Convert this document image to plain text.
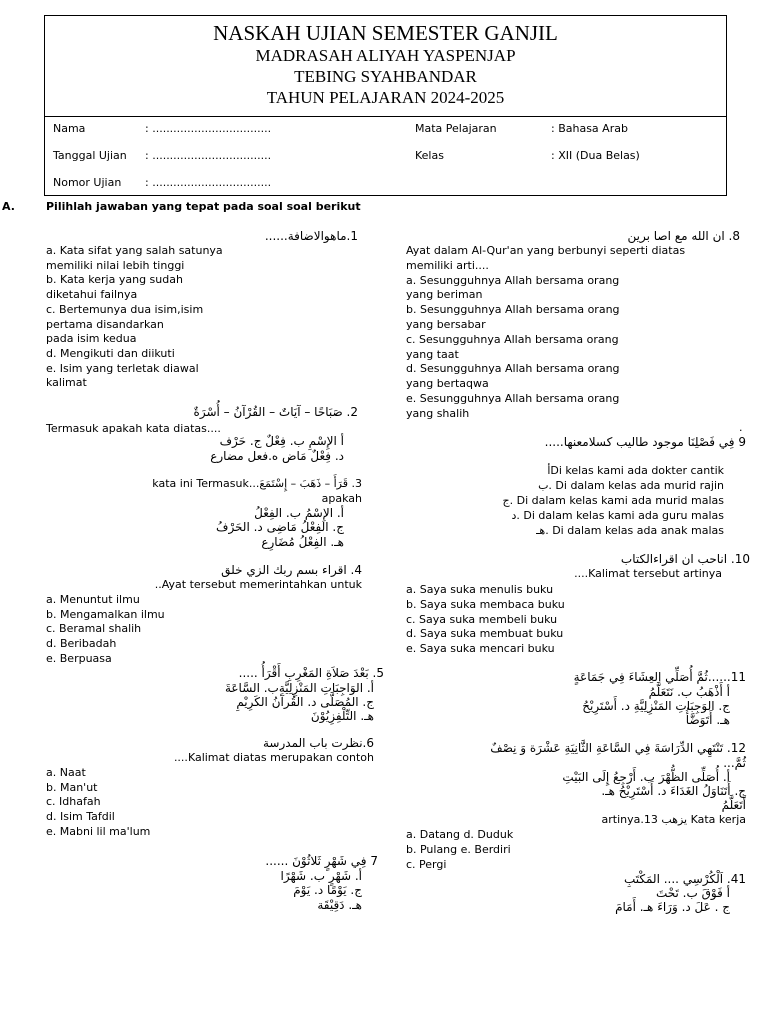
NASKAH UJIAN SEMESTER GANJIL
MADRASAH ALIYAH YASPENJAP
TEBING SYAHBANDAR
TAHUN PELAJARAN 2024-2025
Nama	: ..................................
Tanggal Ujian : ..................................
Nomor Ujian : ..................................
Mata Pelajaran	: Bahasa Arab
Kelas	: XII (Dua Belas)
A.	Pilihlah jawaban yang tepat pada soal soal berikut
1.ماهوالاضافة......
a. Kata sifat yang salah satunya
memiliki nilai lebih tinggi
b. Kata kerja yang sudah
diketahui failnya
c. Bertemunya dua isim,isim
pertama disandarkan
pada isim kedua
d. Mengikuti dan diikuti
e. Isim yang terletak diawal
kalimat
2. صَبَاحًا – آيَاتٌ – القُرْآنُ – أُسْرَةٌ
Termasuk apakah kata diatas....
أ الإِسْمِ ب. فِعْلٌ ج. حَرْف
د. فِعْلٌ مَاض ه.فعل مضارع
3. قَرَأَ – ذَهَبَ – إِسْتَمَعَ...kata ini Termasuk
apakah
أ. الإِسْمُ ب. الفِعْلُ
ج. الفِعْلُ مَاضِى د. الحَرْفُ
هـ. الفِعْلُ مُضَارِع
4. اقراء بسم ربك الزي خلق
Ayat tersebut memerintahkan untuk..
a. Menuntut ilmu
b. Mengamalkan ilmu
c. Beramal shalih
d. Beribadah
e. Berpuasa
5. بَعْدَ صَلاَةِ المَغْرِبِ أَقْرَأُ .....
أ. الوَاجِبَاتِ المَنْزِلِيَّةِب. السَّاعَةَ
ج. المُصَلَّى د. القُرآنُ الكَرِيْمِ
هـ. التِّلْفِزِيُوْنَ
6.نظرت باب المدرسة
Kalimat diatas merupakan contoh....
a. Naat
b. Man'ut
c. Idhafah
d. Isim Tafdil
e. Mabni lil ma'lum
7 فِي شَهْرٍ ثَلاثُوْنَ ......
أ. شَهْرٍ ب. شَهْرًا
ج. يَوْمًا د. يَوْمَ
هـ. دَقِيْقَة
8. ان الله مع اصا برين
Ayat dalam Al-Qur'an yang berbunyi seperti diatas
memiliki arti....
a. Sesungguhnya Allah bersama orang
yang beriman
b. Sesungguhnya Allah bersama orang
yang bersabar
c. Sesungguhnya Allah bersama orang
yang taat
d. Sesungguhnya Allah bersama orang
yang bertaqwa
e. Sesungguhnya Allah bersama orang
yang shalih
.
9 فِي فَصْلِنَا موجود طاليب كسلامعنها.....
Di kelas kami ada dokter cantikأ
Di dalam kelas ada murid rajin .ب
Di dalam kelas kami ada murid malas .ج
Di dalam kelas kami ada guru malas .د
Di dalam kelas ada anak malas .هـ
10. اناحب ان اقراءالكتاب
Kalimat tersebut artinya....
a. Saya suka menulis buku
b. Saya suka membaca buku
c. Saya suka membeli buku
d. Saya suka membuat buku
e. Saya suka mencari buku
11......ثُمَّ أُصَلِّي العِشَاءَ فِي جَمَاعَةٍ
أ أَذْهَبُ ب. نَتَعَلَّمُ
ج. الوَجِبَاتِ المَنْزِلِيَّةِ د. أَسْتَرِيْحُ
هـ. أَتَوَضَّأُ
12. تَنْتَهِي الدِّرَاسَةَ فِي السَّاعَةِ الثَّانِيَةِ عَشْرَة وَ نِصْفٌ
ثُمَّ...
أ. أُصَلِّى الظُّهْرَ ب. أَرْجِعُ إِلَى البَيْتِ
ج. أَتَنَاوَلُ الغَدَاءَ د. أَسْتَرِيْحُ هـ.
أَتَعَلَّمُ
Kata kerja يزهب artinya.13
a. Datang d. Duduk
b. Pulang e. Berdiri
c. Pergi
41. اَلْكُرْسِي .... المَكْتَبِ
أ فَوْقَ ب. تَحْتَ
ج . عَلَ د. وَرَاءَ هـ. أَمَامَ
